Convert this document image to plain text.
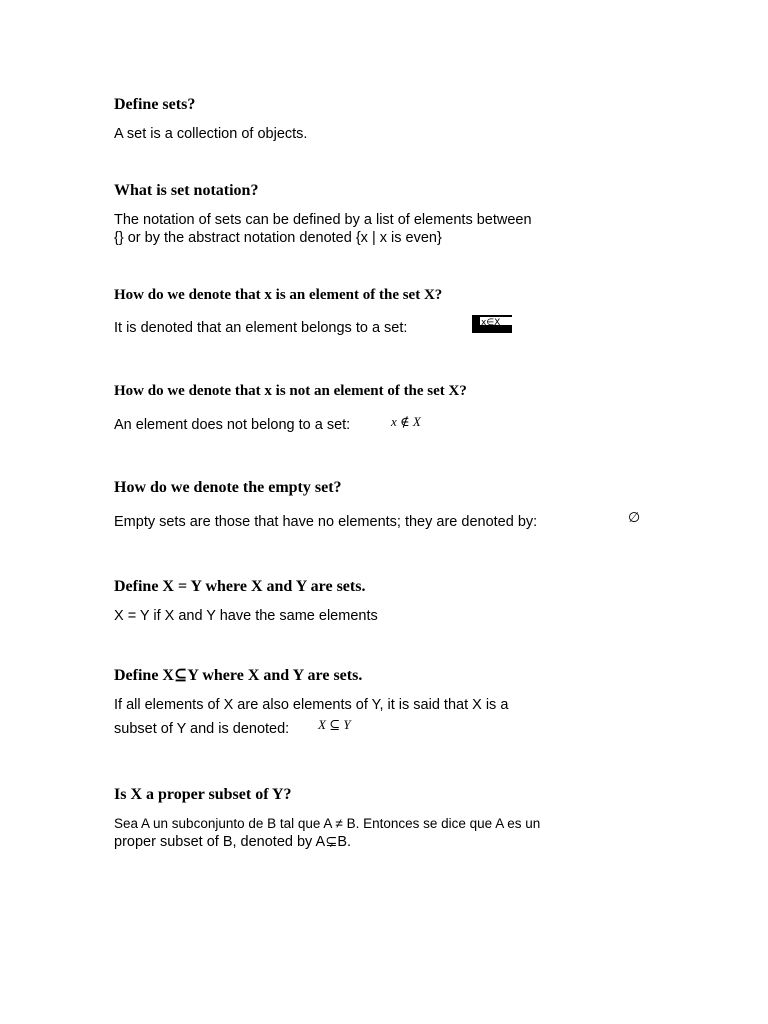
Define sets?

A set is a collection of objects.

What is set notation?

The notation of sets can be defined by a list of elements between

{} or by the abstract notation denoted {x | x is even}

How do we denote that x is an element of the set X?

It is denoted that an element belongs to a set:	x∈X
How do we denote that x is not an element of the set X?

An element does not belong to a set:	x ∉ X
How do we denote the empty set?

Empty sets are those that have no elements; they are denoted by:	∅
Define X = Y where X and Y are sets.

X = Y if X and Y have the same elements

Define X⊆Y where X and Y are sets.

If all elements of X are also elements of Y, it is said that X is a

subset of Y and is denoted: X ⊆ Y
Is X a proper subset of Y?

Sea A un subconjunto de B tal que A ≠ B. Entonces se dice que A es un

proper subset of B, denoted by A⊊B.
